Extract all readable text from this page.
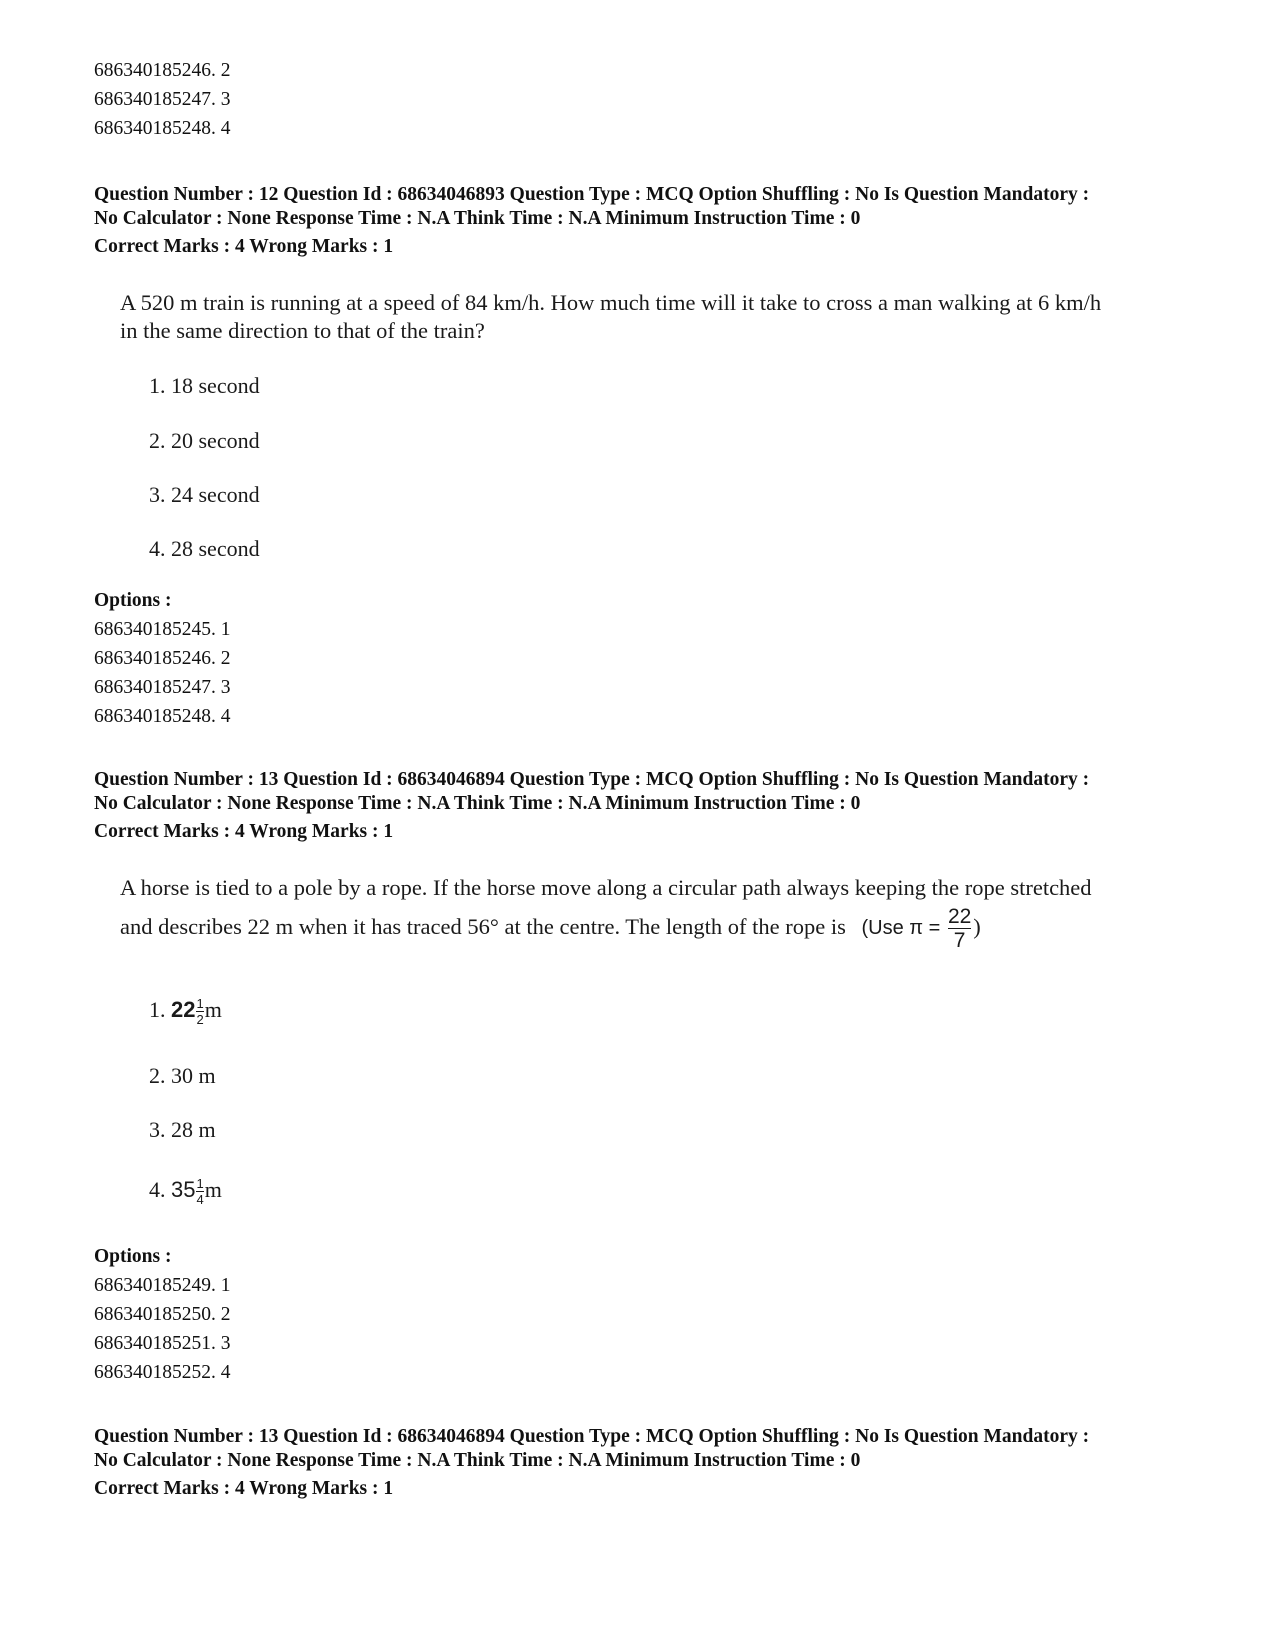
686340185246. 2
686340185247. 3
686340185248. 4
Question Number : 12 Question Id : 68634046893 Question Type : MCQ Option Shuffling : No Is Question Mandatory :
No Calculator : None Response Time : N.A Think Time : N.A Minimum Instruction Time : 0
Correct Marks : 4 Wrong Marks : 1
A 520 m train is running at a speed of 84 km/h. How much time will it take to cross a man walking at 6 km/h
in the same direction to that of the train?
1. 18 second
2. 20 second
3. 24 second
4. 28 second
Options :
686340185245. 1
686340185246. 2
686340185247. 3
686340185248. 4
Question Number : 13 Question Id : 68634046894 Question Type : MCQ Option Shuffling : No Is Question Mandatory :
No Calculator : None Response Time : N.A Think Time : N.A Minimum Instruction Time : 0
Correct Marks : 4 Wrong Marks : 1
A horse is tied to a pole by a rope. If the horse move along a circular path always keeping the rope stretched
and describes 22 m when it has traced 56° at the centre. The length of the rope is (Use $\pi = \frac{22}{7}$ )
1. $22 \frac{1}{2}$ m
2. 30 m
3. 28 m
4. $35 \frac{1}{4}$ m
Options :
686340185249. 1
686340185250. 2
686340185251. 3
686340185252. 4
Question Number : 13 Question Id : 68634046894 Question Type : MCQ Option Shuffling : No Is Question Mandatory :
No Calculator : None Response Time : N.A Think Time : N.A Minimum Instruction Time : 0
Correct Marks : 4 Wrong Marks : 1
